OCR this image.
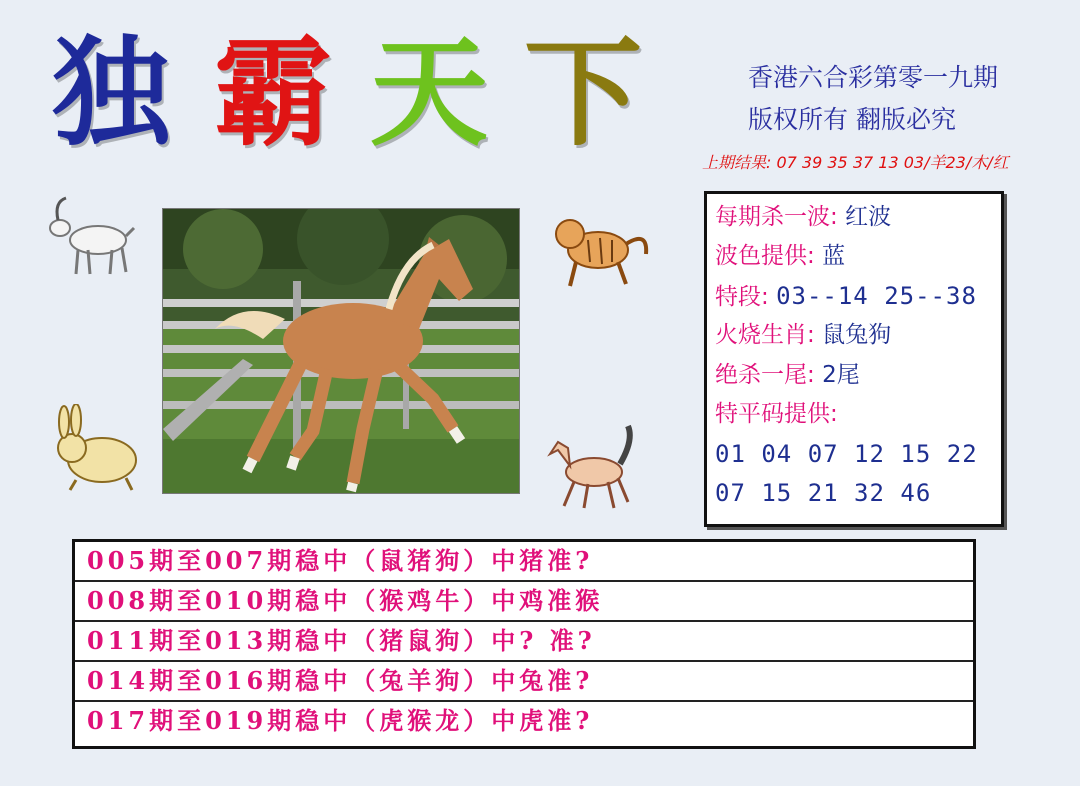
独 霸 天 下	香港六合彩第零一九期
版权所有 翻版必究
上期结果: 07 39 35 37 13 03/羊23/木/红
每期杀一波: 红波
波色提供: 蓝
特段: 03--14 25--38
火烧生肖: 鼠兔狗
绝杀一尾: 2尾
特平码提供:
01 04 07 12 15 22
07 15 21 32 46
005期至007期稳中（鼠猪狗）中猪准?
008期至010期稳中（猴鸡牛）中鸡准猴
011期至013期稳中（猪鼠狗）中? 准?
014期至016期稳中（兔羊狗）中兔准?
017期至019期稳中（虎猴龙）中虎准?
